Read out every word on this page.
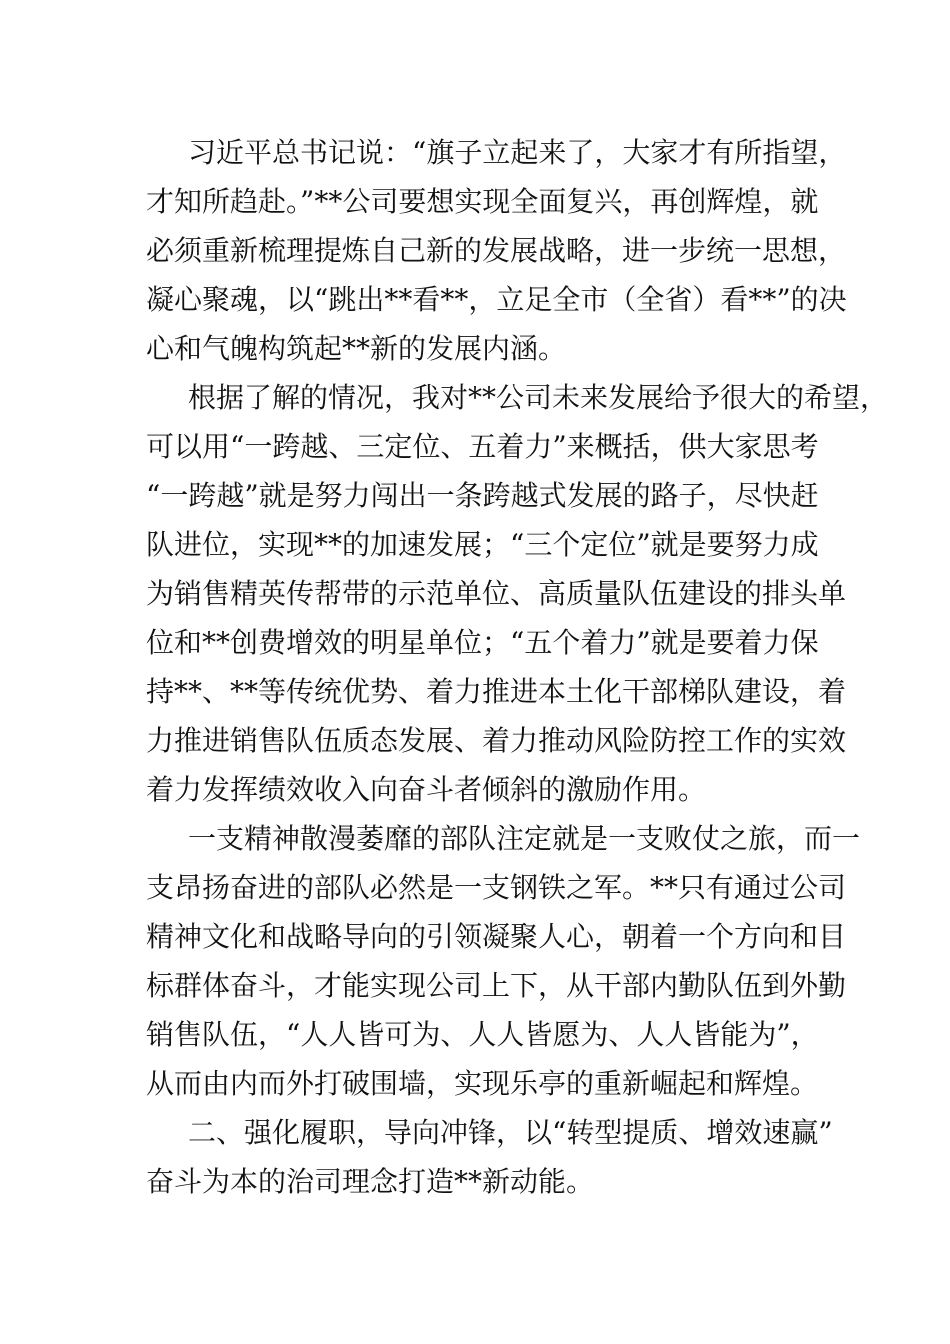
习近平总书记说：“旗子立起来了，大家才有所指望，
才知所趋赴。”**公司要想实现全面复兴，再创辉煌，就
必须重新梳理提炼自己新的发展战略，进一步统一思想，
凝心聚魂，以“跳出**看**，立足全市（全省）看**”的决
心和气魄构筑起**新的发展内涵。
根据了解的情况，我对**公司未来发展给予很大的希望，
可以用“一跨越、三定位、五着力”来概括，供大家思考
“一跨越”就是努力闯出一条跨越式发展的路子，尽快赶
队进位，实现**的加速发展；“三个定位”就是要努力成
为销售精英传帮带的示范单位、高质量队伍建设的排头单
位和**创费增效的明星单位；“五个着力”就是要着力保
持**、**等传统优势、着力推进本土化干部梯队建设，着
力推进销售队伍质态发展、着力推动风险防控工作的实效
着力发挥绩效收入向奋斗者倾斜的激励作用。
一支精神散漫萎靡的部队注定就是一支败仗之旅，而一
支昂扬奋进的部队必然是一支钢铁之军。**只有通过公司
精神文化和战略导向的引领凝聚人心，朝着一个方向和目
标群体奋斗，才能实现公司上下，从干部内勤队伍到外勤
销售队伍，“人人皆可为、人人皆愿为、人人皆能为”，
从而由内而外打破围墙，实现乐亭的重新崛起和辉煌。
二、强化履职，导向冲锋，以“转型提质、增效速赢”
奋斗为本的治司理念打造**新动能。
